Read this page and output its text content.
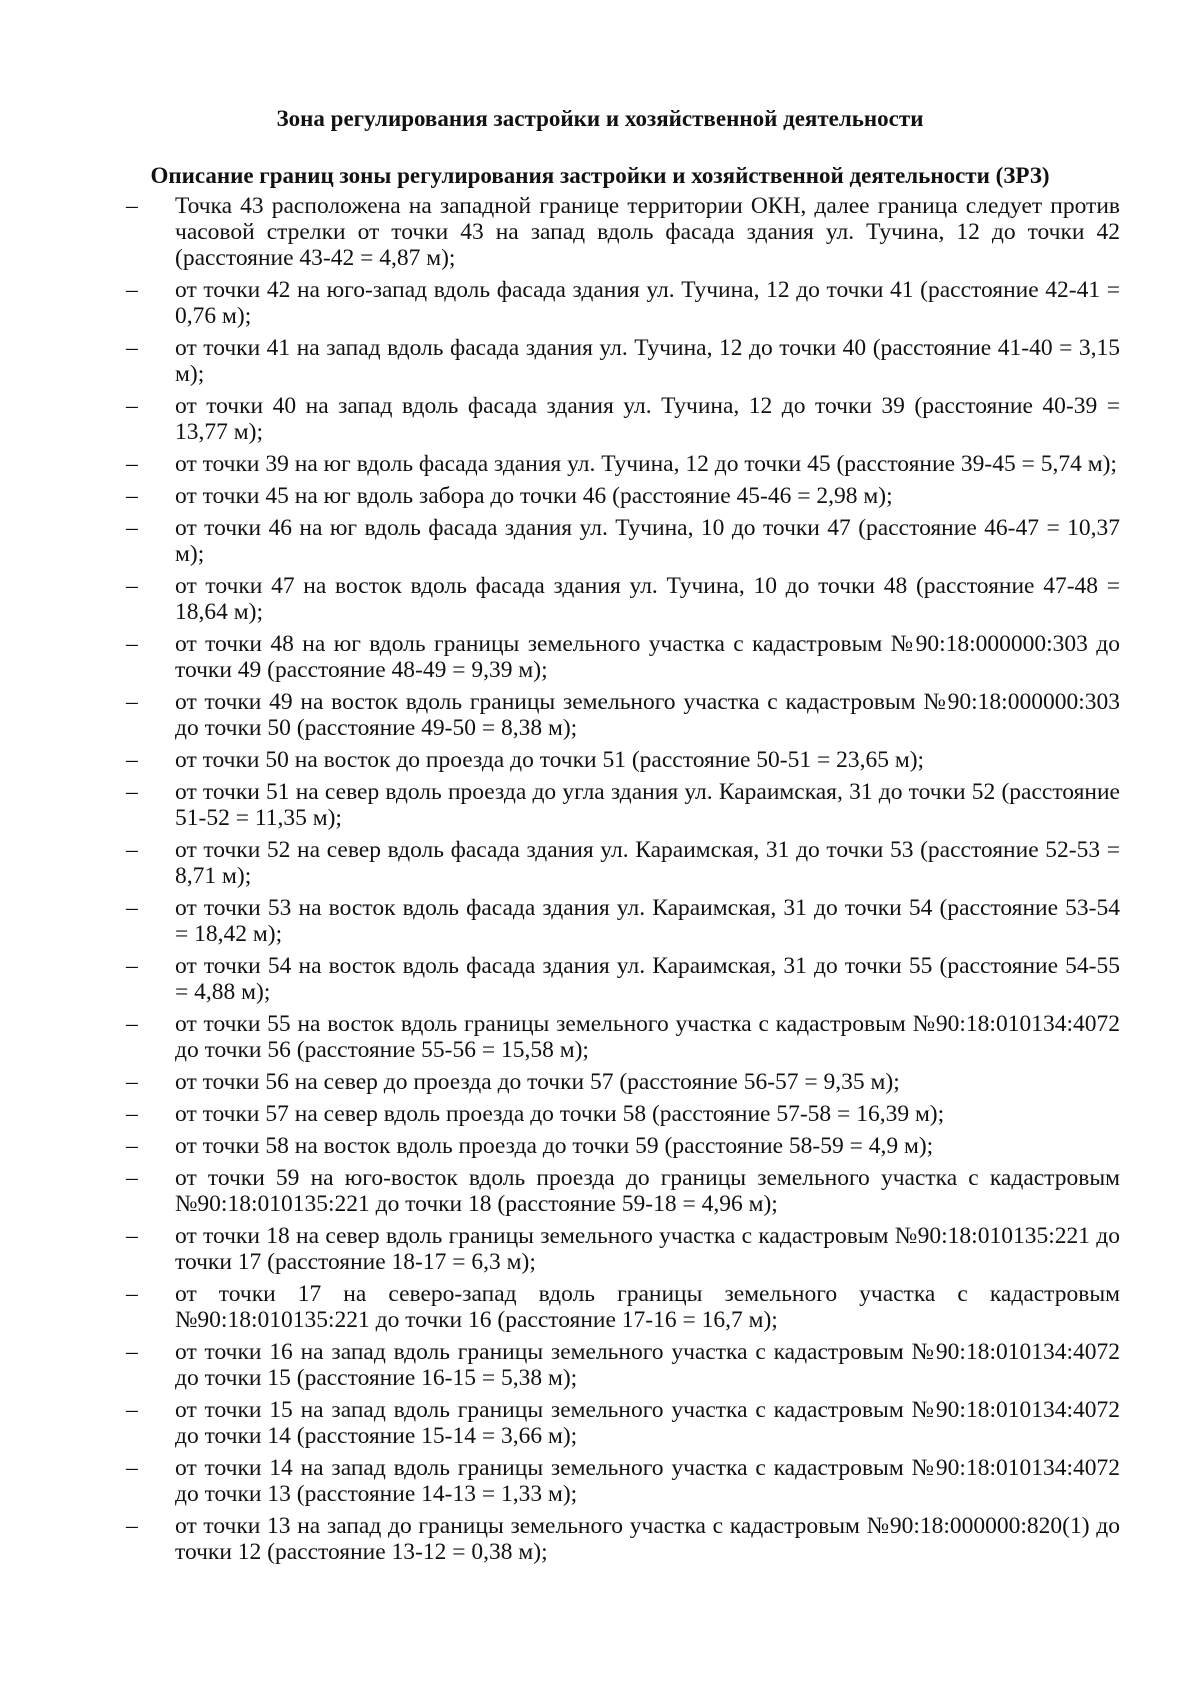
Зона регулирования застройки и хозяйственной деятельности
Описание границ зоны регулирования застройки и хозяйственной деятельности (ЗРЗ)
–	Точка 43 расположена на западной границе территории ОКН, далее граница следует против часовой стрелки от точки 43 на запад вдоль фасада здания ул. Тучина, 12 до точки 42 (расстояние 43-42 = 4,87 м);
–	от точки 42 на юго-запад вдоль фасада здания ул. Тучина, 12 до точки 41 (расстояние 42-41 = 0,76 м);
–	от точки 41 на запад вдоль фасада здания ул. Тучина, 12 до точки 40 (расстояние 41-40 = 3,15 м);
–	от точки 40 на запад вдоль фасада здания ул. Тучина, 12 до точки 39 (расстояние 40-39 = 13,77 м);
–	от точки 39 на юг вдоль фасада здания ул. Тучина, 12 до точки 45 (расстояние 39-45 = 5,74 м);
–	от точки 45 на юг вдоль забора до точки 46 (расстояние 45-46 = 2,98 м);
–	от точки 46 на юг вдоль фасада здания ул. Тучина, 10 до точки 47 (расстояние 46-47 = 10,37 м);
–	от точки 47 на восток вдоль фасада здания ул. Тучина, 10 до точки 48 (расстояние 47-48 = 18,64 м);
–	от точки 48 на юг вдоль границы земельного участка с кадастровым №90:18:000000:303 до точки 49 (расстояние 48-49 = 9,39 м);
–	от точки 49 на восток вдоль границы земельного участка с кадастровым №90:18:000000:303 до точки 50 (расстояние 49-50 = 8,38 м);
–	от точки 50 на восток до проезда до точки 51 (расстояние 50-51 = 23,65 м);
–	от точки 51 на север вдоль проезда до угла здания ул. Караимская, 31 до точки 52 (расстояние 51-52 = 11,35 м);
–	от точки 52 на север вдоль фасада здания ул. Караимская, 31 до точки 53 (расстояние 52-53 = 8,71 м);
–	от точки 53 на восток вдоль фасада здания ул. Караимская, 31 до точки 54 (расстояние 53-54 = 18,42 м);
–	от точки 54 на восток вдоль фасада здания ул. Караимская, 31 до точки 55 (расстояние 54-55 = 4,88 м);
–	от точки 55 на восток вдоль границы земельного участка с кадастровым №90:18:010134:4072 до точки 56 (расстояние 55-56 = 15,58 м);
–	от точки 56 на север до проезда до точки 57 (расстояние 56-57 = 9,35 м);
–	от точки 57 на север вдоль проезда до точки 58 (расстояние 57-58 = 16,39 м);
–	от точки 58 на восток вдоль проезда до точки 59 (расстояние 58-59 = 4,9 м);
–	от точки 59 на юго-восток вдоль проезда до границы земельного участка с кадастровым №90:18:010135:221 до точки 18 (расстояние 59-18 = 4,96 м);
–	от точки 18 на север вдоль границы земельного участка с кадастровым №90:18:010135:221 до точки 17 (расстояние 18-17 = 6,3 м);
–	от точки 17 на северо-запад вдоль границы земельного участка с кадастровым №90:18:010135:221 до точки 16 (расстояние 17-16 = 16,7 м);
–	от точки 16 на запад вдоль границы земельного участка с кадастровым №90:18:010134:4072 до точки 15 (расстояние 16-15 = 5,38 м);
–	от точки 15 на запад вдоль границы земельного участка с кадастровым №90:18:010134:4072 до точки 14 (расстояние 15-14 = 3,66 м);
–	от точки 14 на запад вдоль границы земельного участка с кадастровым №90:18:010134:4072 до точки 13 (расстояние 14-13 = 1,33 м);
–	от точки 13 на запад до границы земельного участка с кадастровым №90:18:000000:820(1) до точки 12 (расстояние 13-12 = 0,38 м);
